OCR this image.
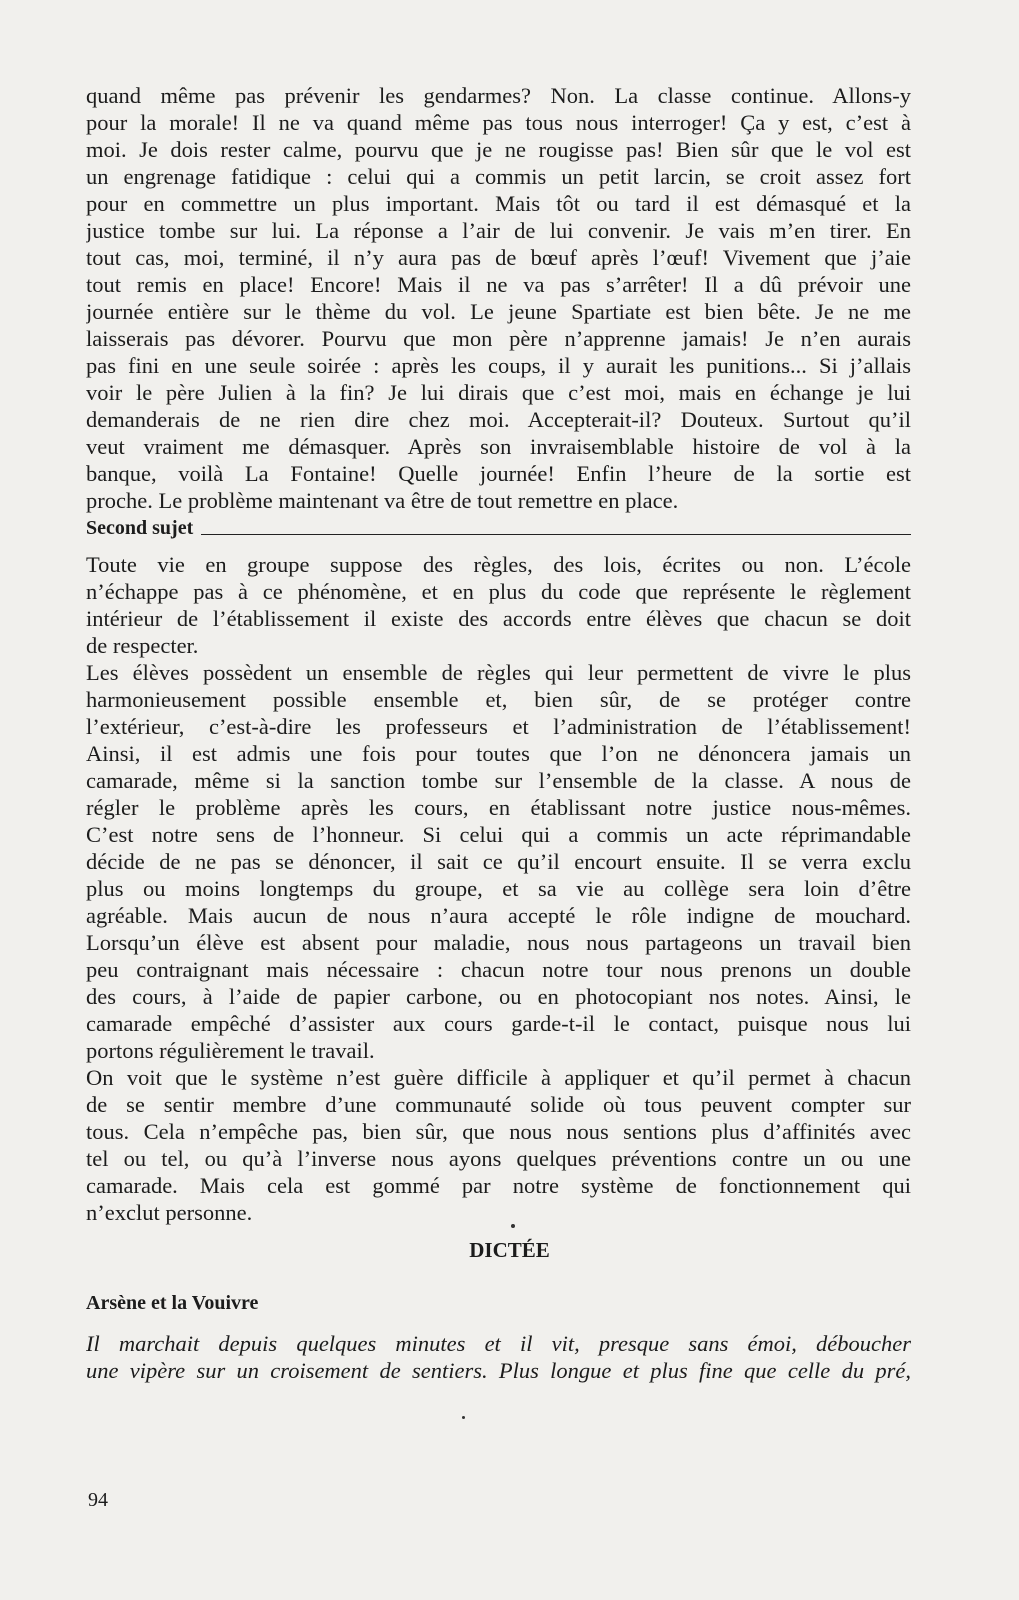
quand même pas prévenir les gendarmes? Non. La classe continue. Allons-y
pour la morale! Il ne va quand même pas tous nous interroger! Ça y est, c’est à
moi. Je dois rester calme, pourvu que je ne rougisse pas! Bien sûr que le vol est
un engrenage fatidique : celui qui a commis un petit larcin, se croit assez fort
pour en commettre un plus important. Mais tôt ou tard il est démasqué et la
justice tombe sur lui. La réponse a l’air de lui convenir. Je vais m’en tirer. En
tout cas, moi, terminé, il n’y aura pas de bœuf après l’œuf! Vivement que j’aie
tout remis en place! Encore! Mais il ne va pas s’arrêter! Il a dû prévoir une
journée entière sur le thème du vol. Le jeune Spartiate est bien bête. Je ne me
laisserais pas dévorer. Pourvu que mon père n’apprenne jamais! Je n’en aurais
pas fini en une seule soirée : après les coups, il y aurait les punitions... Si j’allais
voir le père Julien à la fin? Je lui dirais que c’est moi, mais en échange je lui
demanderais de ne rien dire chez moi. Accepterait-il? Douteux. Surtout qu’il
veut vraiment me démasquer. Après son invraisemblable histoire de vol à la
banque, voilà La Fontaine! Quelle journée! Enfin l’heure de la sortie est
proche. Le problème maintenant va être de tout remettre en place.
Second sujet
Toute vie en groupe suppose des règles, des lois, écrites ou non. L’école
n’échappe pas à ce phénomène, et en plus du code que représente le règlement
intérieur de l’établissement il existe des accords entre élèves que chacun se doit
de respecter.
Les élèves possèdent un ensemble de règles qui leur permettent de vivre le plus
harmonieusement possible ensemble et, bien sûr, de se protéger contre
l’extérieur, c’est-à-dire les professeurs et l’administration de l’établissement!
Ainsi, il est admis une fois pour toutes que l’on ne dénoncera jamais un
camarade, même si la sanction tombe sur l’ensemble de la classe. A nous de
régler le problème après les cours, en établissant notre justice nous-mêmes.
C’est notre sens de l’honneur. Si celui qui a commis un acte réprimandable
décide de ne pas se dénoncer, il sait ce qu’il encourt ensuite. Il se verra exclu
plus ou moins longtemps du groupe, et sa vie au collège sera loin d’être
agréable. Mais aucun de nous n’aura accepté le rôle indigne de mouchard.
Lorsqu’un élève est absent pour maladie, nous nous partageons un travail bien
peu contraignant mais nécessaire : chacun notre tour nous prenons un double
des cours, à l’aide de papier carbone, ou en photocopiant nos notes. Ainsi, le
camarade empêché d’assister aux cours garde-t-il le contact, puisque nous lui
portons régulièrement le travail.
On voit que le système n’est guère difficile à appliquer et qu’il permet à chacun
de se sentir membre d’une communauté solide où tous peuvent compter sur
tous. Cela n’empêche pas, bien sûr, que nous nous sentions plus d’affinités avec
tel ou tel, ou qu’à l’inverse nous ayons quelques préventions contre un ou une
camarade. Mais cela est gommé par notre système de fonctionnement qui
n’exclut personne.
DICTÉE
Arsène et la Vouivre
Il marchait depuis quelques minutes et il vit, presque sans émoi, déboucher
une vipère sur un croisement de sentiers. Plus longue et plus fine que celle du pré,
94
